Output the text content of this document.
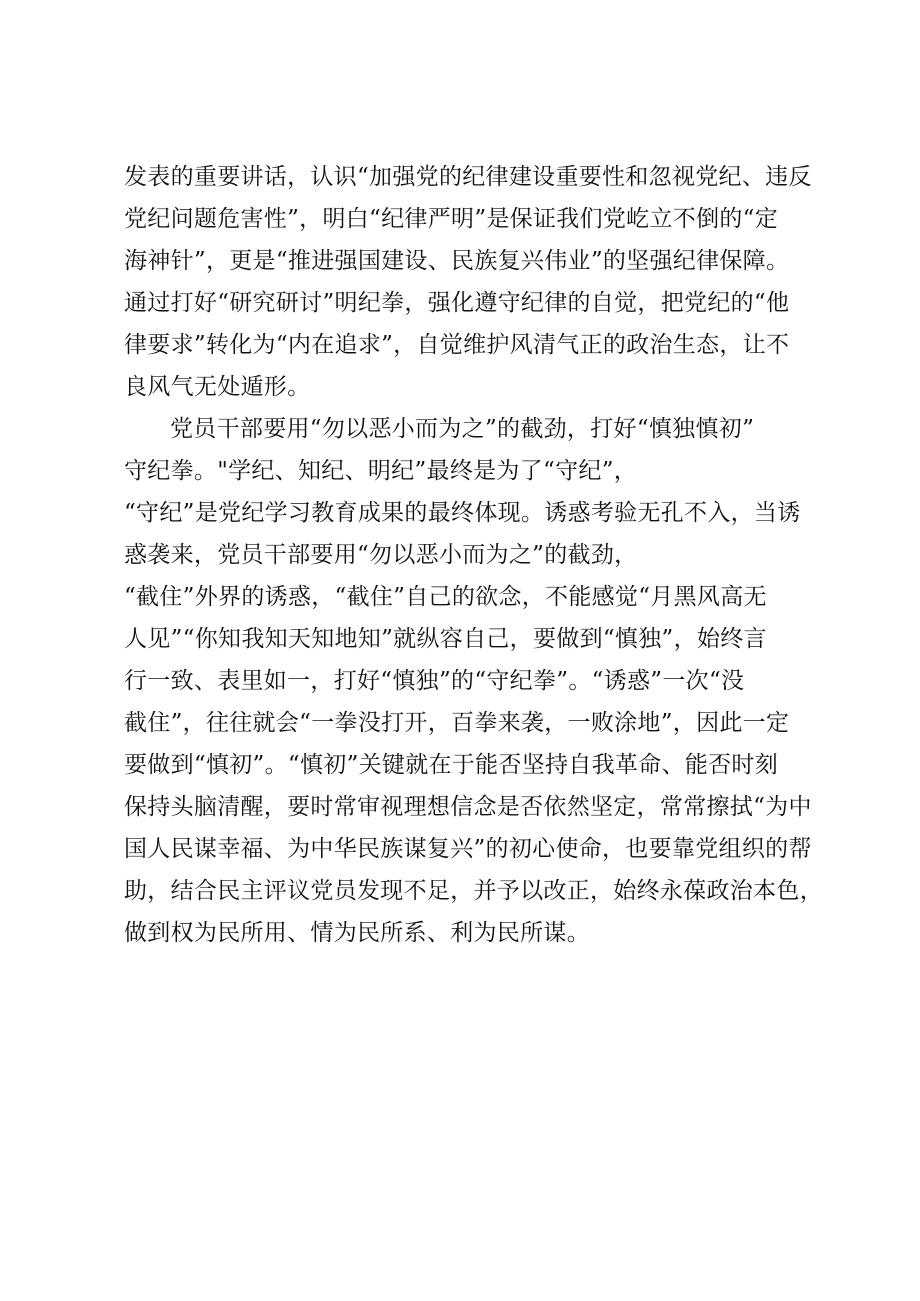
发表的重要讲话，认识“加强党的纪律建设重要性和忽视党纪、违反

党纪问题危害性”，明白“纪律严明”是保证我们党屹立不倒的“定

海神针”，更是“推进强国建设、民族复兴伟业”的坚强纪律保障。

通过打好“研究研讨”明纪拳，强化遵守纪律的自觉，把党纪的“他

律要求”转化为“内在追求”，自觉维护风清气正的政治生态，让不

良风气无处遁形。

党员干部要用“勿以恶小而为之”的截劲，打好“慎独慎初”

守纪拳。"学纪、知纪、明纪”最终是为了“守纪”，

“守纪”是党纪学习教育成果的最终体现。诱惑考验无孔不入，当诱

惑袭来，党员干部要用“勿以恶小而为之”的截劲，

“截住”外界的诱惑，“截住”自己的欲念，不能感觉“月黑风高无

人见”“你知我知天知地知”就纵容自己，要做到“慎独”，始终言

行一致、表里如一，打好“慎独”的“守纪拳”。“诱惑”一次“没

截住”，往往就会“一拳没打开，百拳来袭，一败涂地”，因此一定

要做到“慎初”。“慎初”关键就在于能否坚持自我革命、能否时刻

保持头脑清醒，要时常审视理想信念是否依然坚定，常常擦拭“为中

国人民谋幸福、为中华民族谋复兴”的初心使命，也要靠党组织的帮

助，结合民主评议党员发现不足，并予以改正，始终永葆政治本色，

做到权为民所用、情为民所系、利为民所谋。
